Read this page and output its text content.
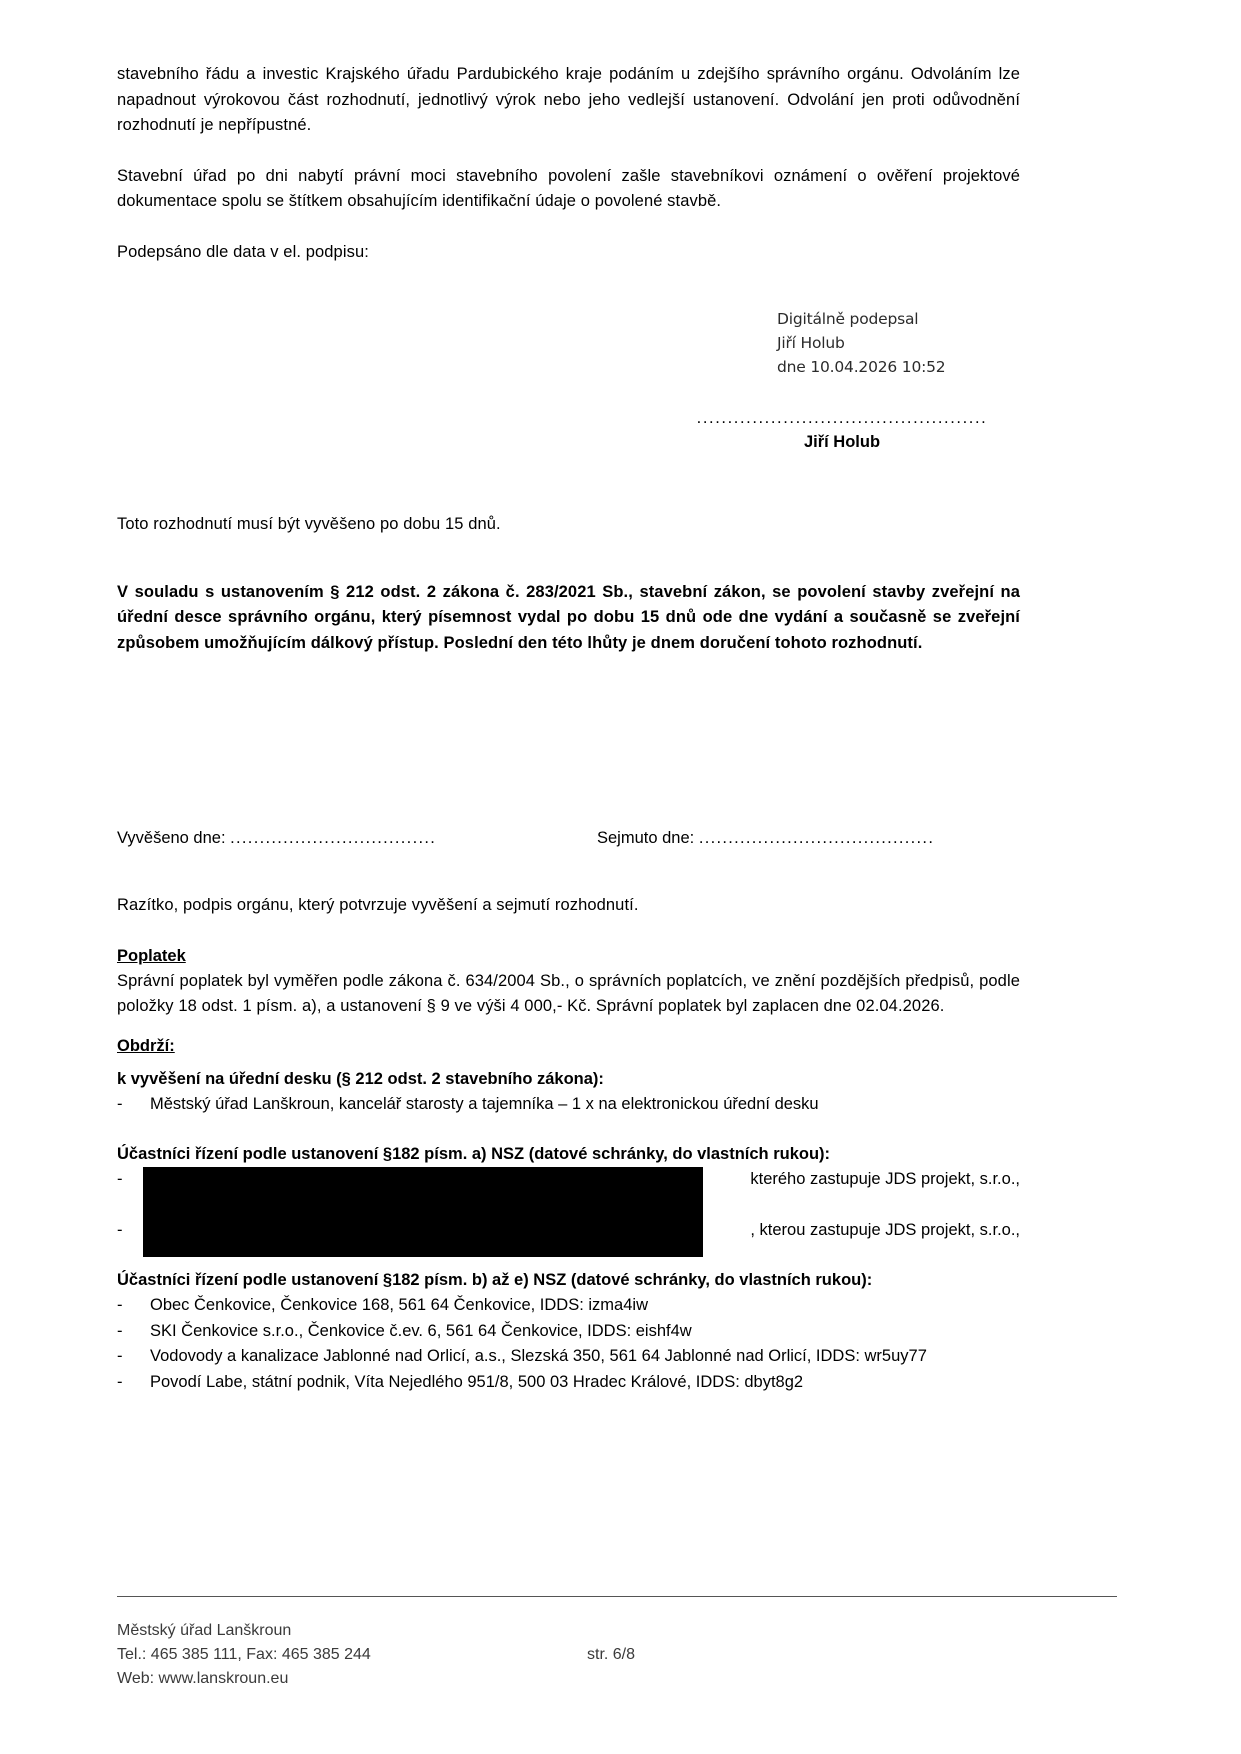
stavebního řádu a investic Krajského úřadu Pardubického kraje podáním u zdejšího správního orgánu. Odvoláním lze napadnout výrokovou část rozhodnutí, jednotlivý výrok nebo jeho vedlejší ustanovení. Odvolání jen proti odůvodnění rozhodnutí je nepřípustné.

Stavební úřad po dni nabytí právní moci stavebního povolení zašle stavebníkovi oznámení o ověření projektové dokumentace spolu se štítkem obsahujícím identifikační údaje o povolené stavbě.

Podepsáno dle data v el. podpisu:

Digitálně podepsal
Jiří Holub
dne 10.04.2026 10:52
...............................................
Jiří Holub

Toto rozhodnutí musí být vyvěšeno po dobu 15 dnů.

V souladu s ustanovením § 212 odst. 2 zákona č. 283/2021 Sb., stavební zákon, se povolení stavby zveřejní na úřední desce správního orgánu, který písemnost vydal po dobu 15 dnů ode dne vydání a současně se zveřejní způsobem umožňujícím dálkový přístup. Poslední den této lhůty je dnem doručení tohoto rozhodnutí.

Vyvěšeno dne: ...................................	Sejmuto dne: ........................................

Razítko, podpis orgánu, který potvrzuje vyvěšení a sejmutí rozhodnutí.

Poplatek

Správní poplatek byl vyměřen podle zákona č. 634/2004 Sb., o správních poplatcích, ve znění pozdějších předpisů, podle položky 18 odst. 1 písm. a), a ustanovení § 9 ve výši 4 000,- Kč. Správní poplatek byl zaplacen dne 02.04.2026.

Obdrží:

k vyvěšení na úřední desku (§ 212 odst. 2 stavebního zákona):

- Městský úřad Lanškroun, kancelář starosty a tajemníka – 1 x na elektronickou úřední desku

Účastníci řízení podle ustanovení §182 písm. a) NSZ (datové schránky, do vlastních rukou):

-	kterého zastupuje JDS projekt, s.r.o.,
-	, kterou zastupuje JDS projekt, s.r.o.,

Účastníci řízení podle ustanovení §182 písm. b) až e) NSZ (datové schránky, do vlastních rukou):

- Obec Čenkovice, Čenkovice 168, 561 64 Čenkovice, IDDS: izma4iw
- SKI Čenkovice s.r.o., Čenkovice č.ev. 6, 561 64 Čenkovice, IDDS: eishf4w
- Vodovody a kanalizace Jablonné nad Orlicí, a.s., Slezská 350, 561 64 Jablonné nad Orlicí, IDDS: wr5uy77
- Povodí Labe, státní podnik, Víta Nejedlého 951/8, 500 03 Hradec Králové, IDDS: dbyt8g2
Městský úřad Lanškroun
Tel.: 465 385 111, Fax: 465 385 244
Web: www.lanskroun.eu
str. 6/8
